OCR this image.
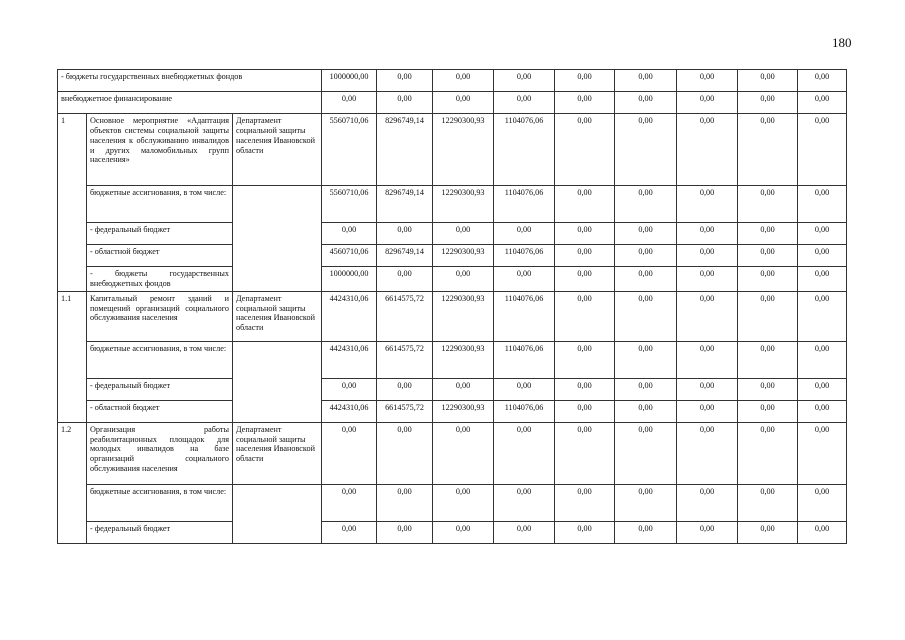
180
- бюджеты государственных внебюджетных фондов			1000000,00	0,00	0,00	0,00	0,00	0,00	0,00	0,00	0,00
внебюджетное финансирование			0,00	0,00	0,00	0,00	0,00	0,00	0,00	0,00	0,00
1	Основное мероприятие «Адаптация объектов системы социальной защиты населения к обслуживанию инвалидов и других маломобильных групп населения»	Департамент социальной защиты населения Ивановской области	5560710,06	8296749,14	12290300,93	1104076,06	0,00	0,00	0,00	0,00	0,00
	бюджетные ассигнования, в том числе:		5560710,06	8296749,14	12290300,93	1104076,06	0,00	0,00	0,00	0,00	0,00
	- федеральный бюджет		0,00	0,00	0,00	0,00	0,00	0,00	0,00	0,00	0,00
	- областной бюджет		4560710,06	8296749,14	12290300,93	1104076,06	0,00	0,00	0,00	0,00	0,00
	- бюджеты государственных внебюджетных фондов		1000000,00	0,00	0,00	0,00	0,00	0,00	0,00	0,00	0,00
1.1	Капитальный ремонт зданий и помещений организаций социального обслуживания населения	Департамент социальной защиты населения Ивановской области	4424310,06	6614575,72	12290300,93	1104076,06	0,00	0,00	0,00	0,00	0,00
	бюджетные ассигнования, в том числе:		4424310,06	6614575,72	12290300,93	1104076,06	0,00	0,00	0,00	0,00	0,00
	- федеральный бюджет		0,00	0,00	0,00	0,00	0,00	0,00	0,00	0,00	0,00
	- областной бюджет		4424310,06	6614575,72	12290300,93	1104076,06	0,00	0,00	0,00	0,00	0,00
1.2	Организация работы реабилитационных площадок для молодых инвалидов на базе организаций социального обслуживания населения	Департамент социальной защиты населения Ивановской области	0,00	0,00	0,00	0,00	0,00	0,00	0,00	0,00	0,00
	бюджетные ассигнования, в том числе:		0,00	0,00	0,00	0,00	0,00	0,00	0,00	0,00	0,00
	- федеральный бюджет		0,00	0,00	0,00	0,00	0,00	0,00	0,00	0,00	0,00
